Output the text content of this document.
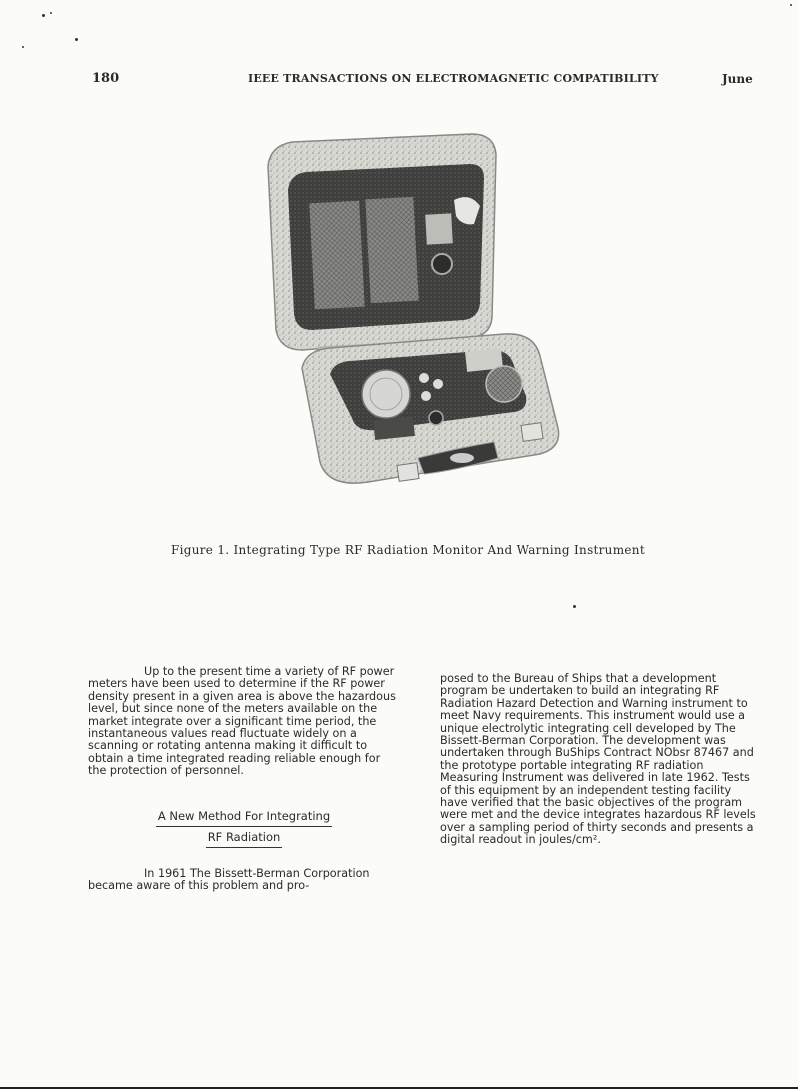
180	IEEE TRANSACTIONS ON ELECTROMAGNETIC COMPATIBILITY	June
Figure 1. Integrating Type RF Radiation Monitor And Warning Instrument

Up to the present time a variety of RF power meters have been used to determine if the RF power density present in a given area is above the hazardous level, but since none of the meters available on the market integrate over a significant time period, the instantaneous values read fluctuate widely on a scanning or rotating antenna making it difficult to obtain a time integrated reading reliable enough for the protection of personnel.

A New Method For Integrating
RF Radiation

In 1961 The Bissett-Berman Corporation became aware of this problem and pro-

posed to the Bureau of Ships that a development program be undertaken to build an integrating RF Radiation Hazard Detection and Warning instrument to meet Navy requirements. This instrument would use a unique electrolytic integrating cell developed by The Bissett-Berman Corporation. The development was undertaken through BuShips Contract NObsr 87467 and the prototype portable integrating RF radiation Measuring Instrument was delivered in late 1962. Tests of this equipment by an independent testing facility have verified that the basic objectives of the program were met and the device integrates hazardous RF levels over a sampling period of thirty seconds and presents a digital readout in joules/cm².
